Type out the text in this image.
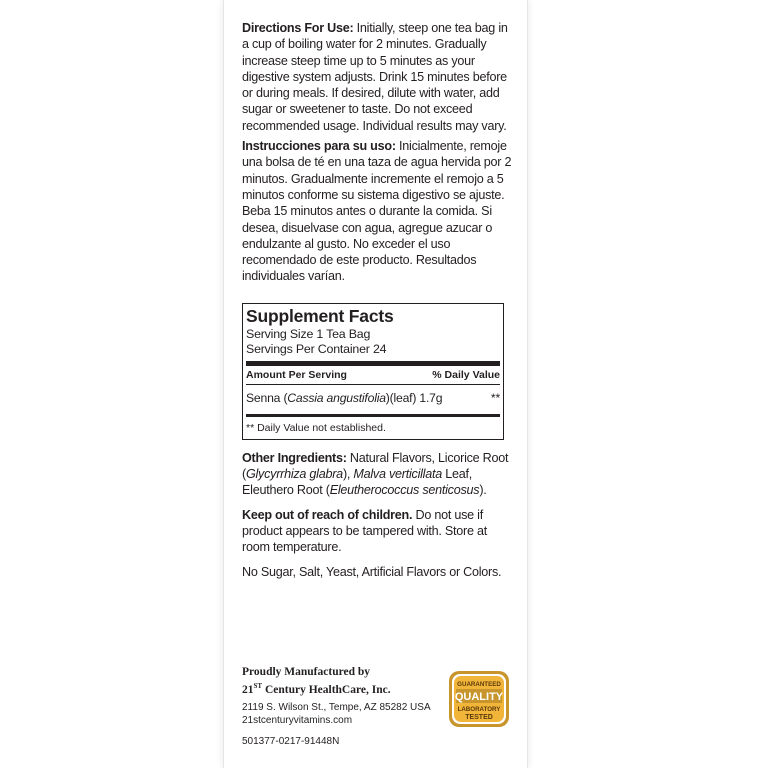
Directions For Use: Initially, steep one tea bag in a cup of boiling water for 2 minutes. Gradually increase steep time up to 5 minutes as your digestive system adjusts. Drink 15 minutes before or during meals. If desired, dilute with water, add sugar or sweetener to taste. Do not exceed recommended usage. Individual results may vary.

Instrucciones para su uso: Inicialmente, remoje una bolsa de té en una taza de agua hervida por 2 minutos. Gradualmente incremente el remojo a 5 minutos conforme su sistema digestivo se ajuste. Beba 15 minutos antes o durante la comida. Si desea, disuelvase con agua, agregue azucar o endulzante al gusto. No exceder el uso recomendado de este producto. Resultados individuales varían.

Supplement Facts
Serving Size 1 Tea Bag
Servings Per Container 24
Amount Per Serving	% Daily Value
Senna (Cassia angustifolia)(leaf) 1.7g	**
** Daily Value not established.

Other Ingredients: Natural Flavors, Licorice Root (Glycyrrhiza glabra), Malva verticillata Leaf, Eleuthero Root (Eleutherococcus senticosus).

Keep out of reach of children. Do not use if product appears to be tampered with. Store at room temperature.

No Sugar, Salt, Yeast, Artificial Flavors or Colors.

Proudly Manufactured by
21ST Century HealthCare, Inc.
2119 S. Wilson St., Tempe, AZ 85282 USA
21stcenturyvitamins.com
501377-0217-91448N
GUARANTEED
QUALITY
LABORATORY
TESTED
